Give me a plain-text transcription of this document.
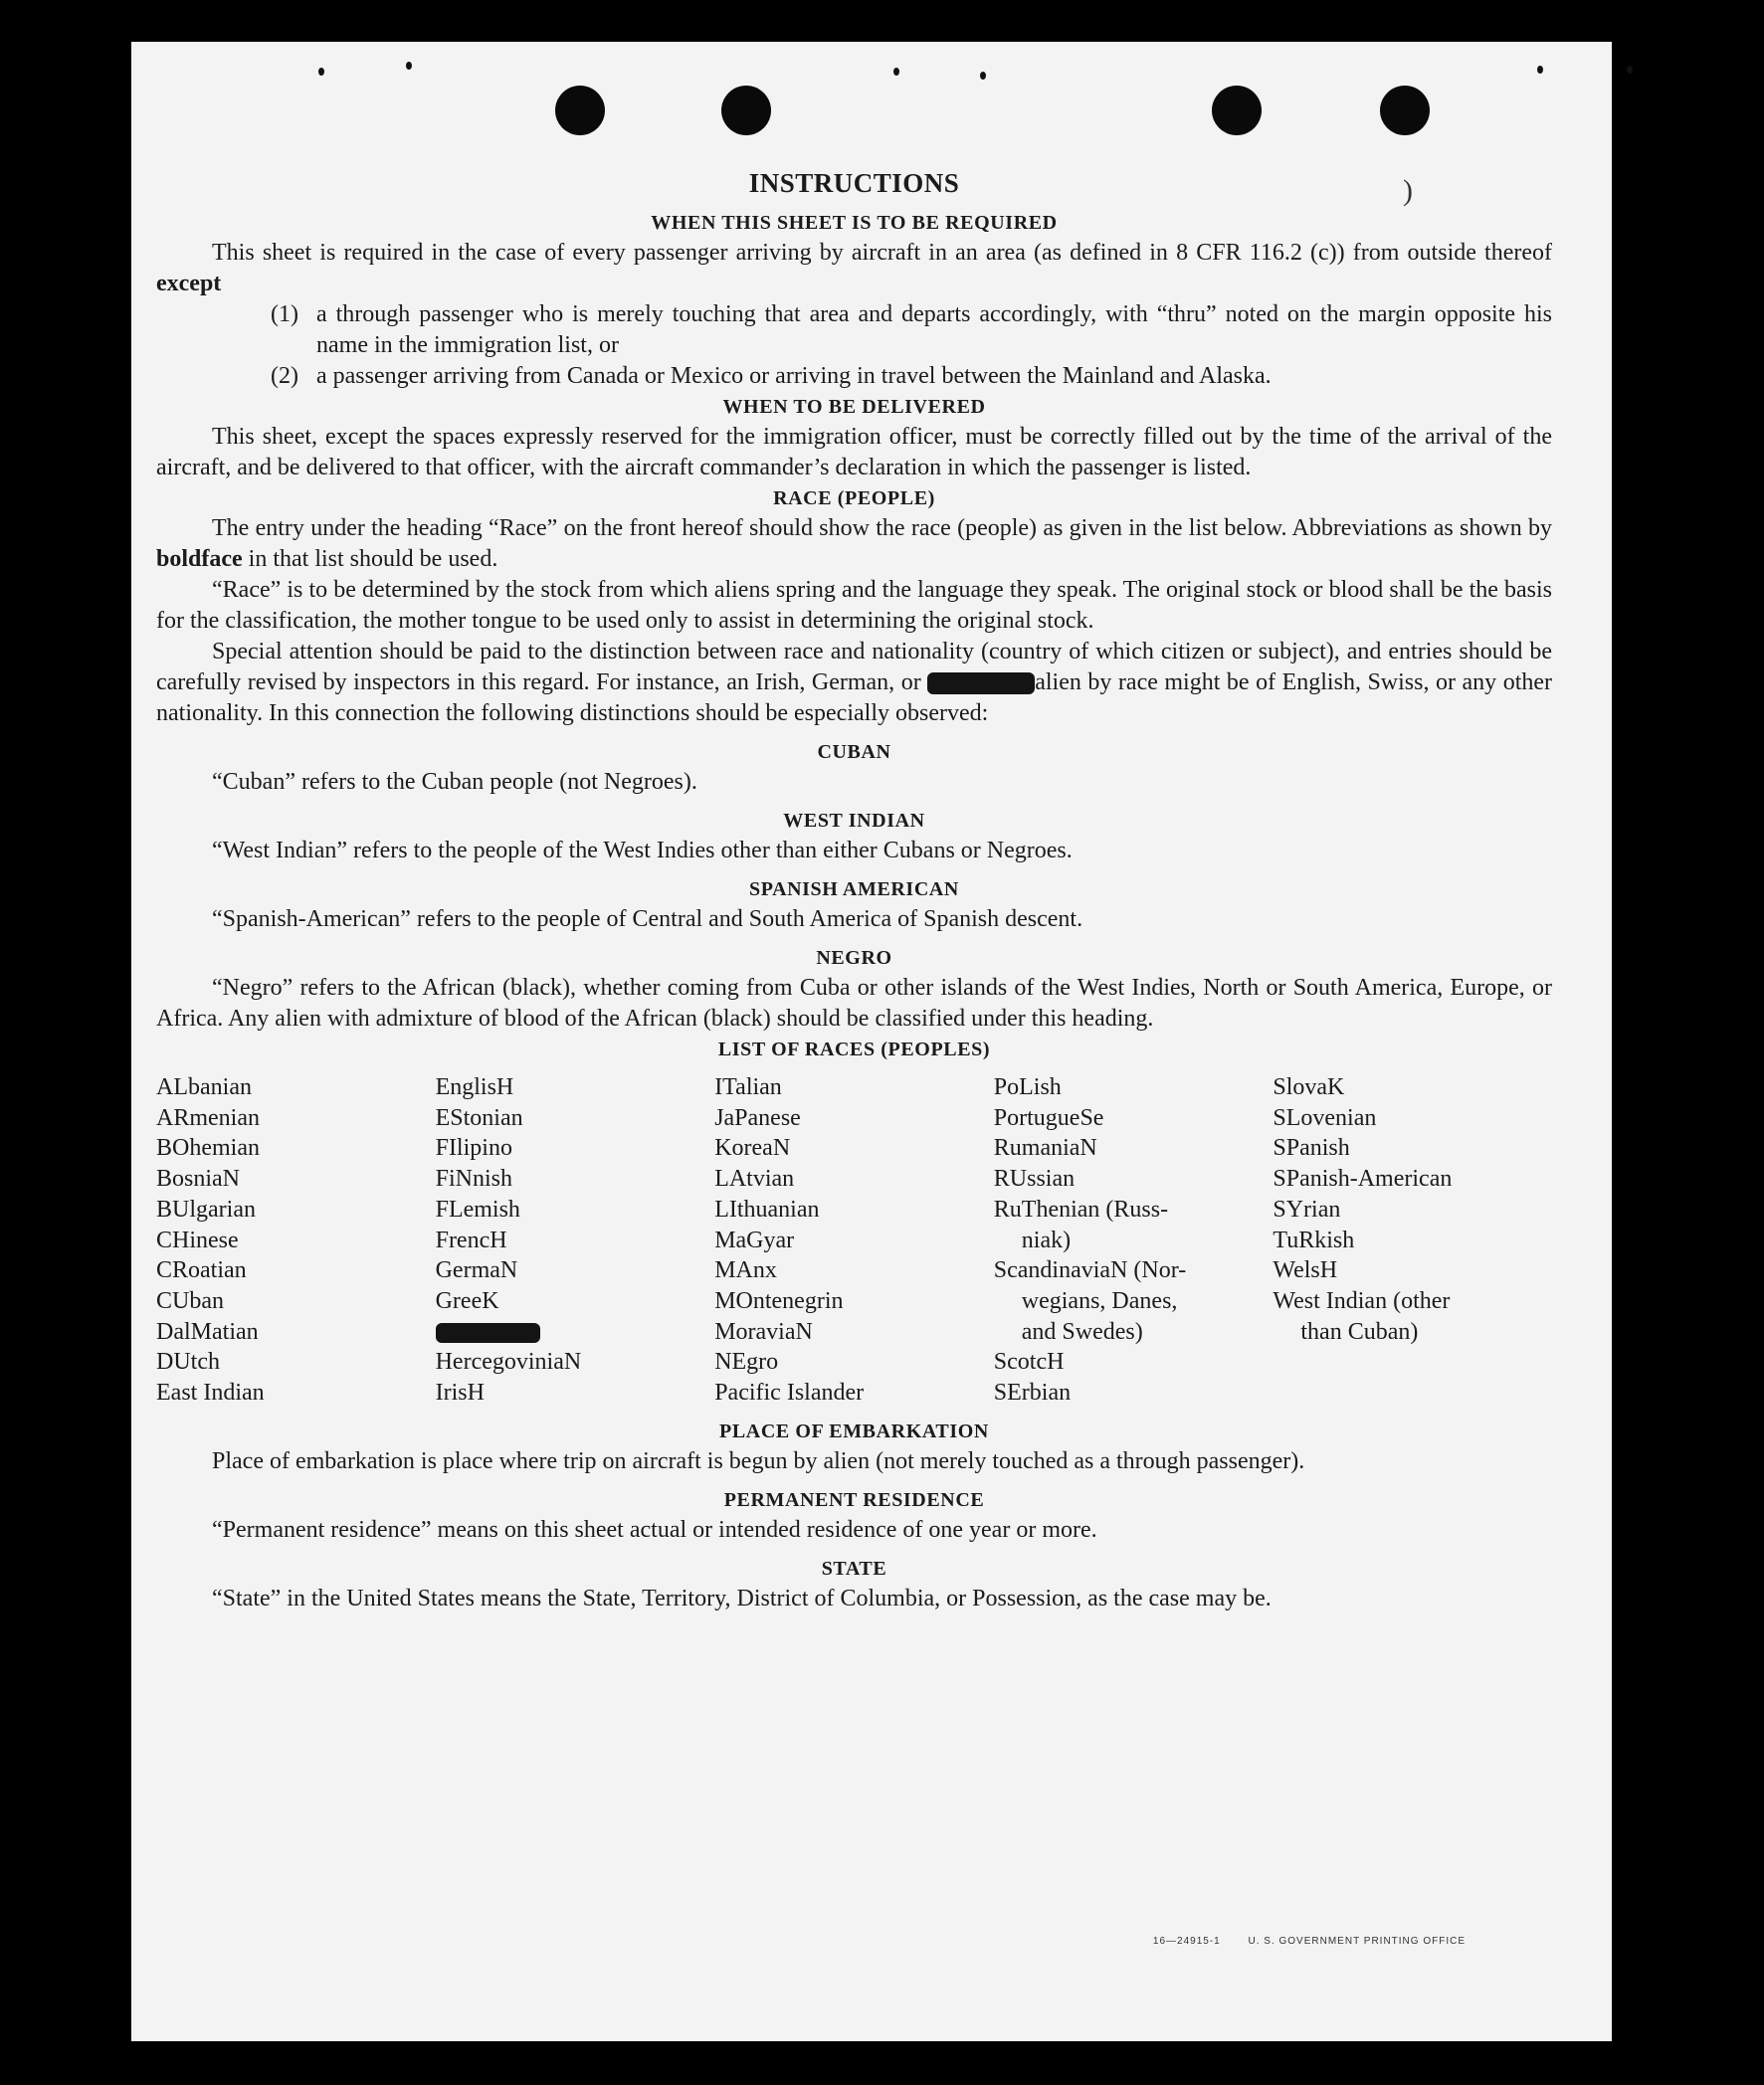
)
INSTRUCTIONS
WHEN THIS SHEET IS TO BE REQUIRED

This sheet is required in the case of every passenger arriving by aircraft in an area (as defined in 8 CFR 116.2 (c)) from outside thereof except

(1) a through passenger who is merely touching that area and departs accordingly, with “thru” noted on the margin opposite his name in the immigration list, or
(2) a passenger arriving from Canada or Mexico or arriving in travel between the Mainland and Alaska.
WHEN TO BE DELIVERED

This sheet, except the spaces expressly reserved for the immigration officer, must be correctly filled out by the time of the arrival of the aircraft, and be delivered to that officer, with the aircraft commander’s declaration in which the passenger is listed.

RACE (PEOPLE)

The entry under the heading “Race” on the front hereof should show the race (people) as given in the list below. Abbreviations as shown by boldface in that list should be used.

“Race” is to be determined by the stock from which aliens spring and the language they speak. The original stock or blood shall be the basis for the classification, the mother tongue to be used only to assist in determining the original stock.

Special attention should be paid to the distinction between race and nationality (country of which citizen or subject), and entries should be carefully revised by inspectors in this regard. For instance, an Irish, German, or	alien by race might be of English, Swiss, or any other nationality. In this connection the following distinctions should be especially observed:

CUBAN

“Cuban” refers to the Cuban people (not Negroes).

WEST INDIAN

“West Indian” refers to the people of the West Indies other than either Cubans or Negroes.

SPANISH AMERICAN

“Spanish-American” refers to the people of Central and South America of Spanish descent.

NEGRO

“Negro” refers to the African (black), whether coming from Cuba or other islands of the West Indies, North or South America, Europe, or Africa. Any alien with admixture of blood of the African (black) should be classified under this heading.

LIST OF RACES (PEOPLES)
ALbanian
ARmenian
BOhemian
BosniaN
BUlgarian
CHinese
CRoatian
CUban
DalMatian
DUtch
East Indian
EnglisH
EStonian
FIlipino
FiNnish
FLemish
FrencH
GermaN
GreeK
HercegoviniaN
IrisH
ITalian
JaPanese
KoreaN
LAtvian
LIthuanian
MaGyar
MAnx
MOntenegrin
MoraviaN
NEgro
Pacific Islander
PoLish
PortugueSe
RumaniaN
RUssian
RuThenian (Russ-
niak)
ScandinaviaN (Nor-
wegians, Danes,
and Swedes)
ScotcH
SErbian
SlovaK
SLovenian
SPanish
SPanish-American
SYrian
TuRkish
WelsH
West Indian (other
than Cuban)
PLACE OF EMBARKATION

Place of embarkation is place where trip on aircraft is begun by alien (not merely touched as a through passenger).

PERMANENT RESIDENCE

“Permanent residence” means on this sheet actual or intended residence of one year or more.

STATE

“State” in the United States means the State, Territory, District of Columbia, or Possession, as the case may be.

16—24915-1	U. S. GOVERNMENT PRINTING OFFICE
